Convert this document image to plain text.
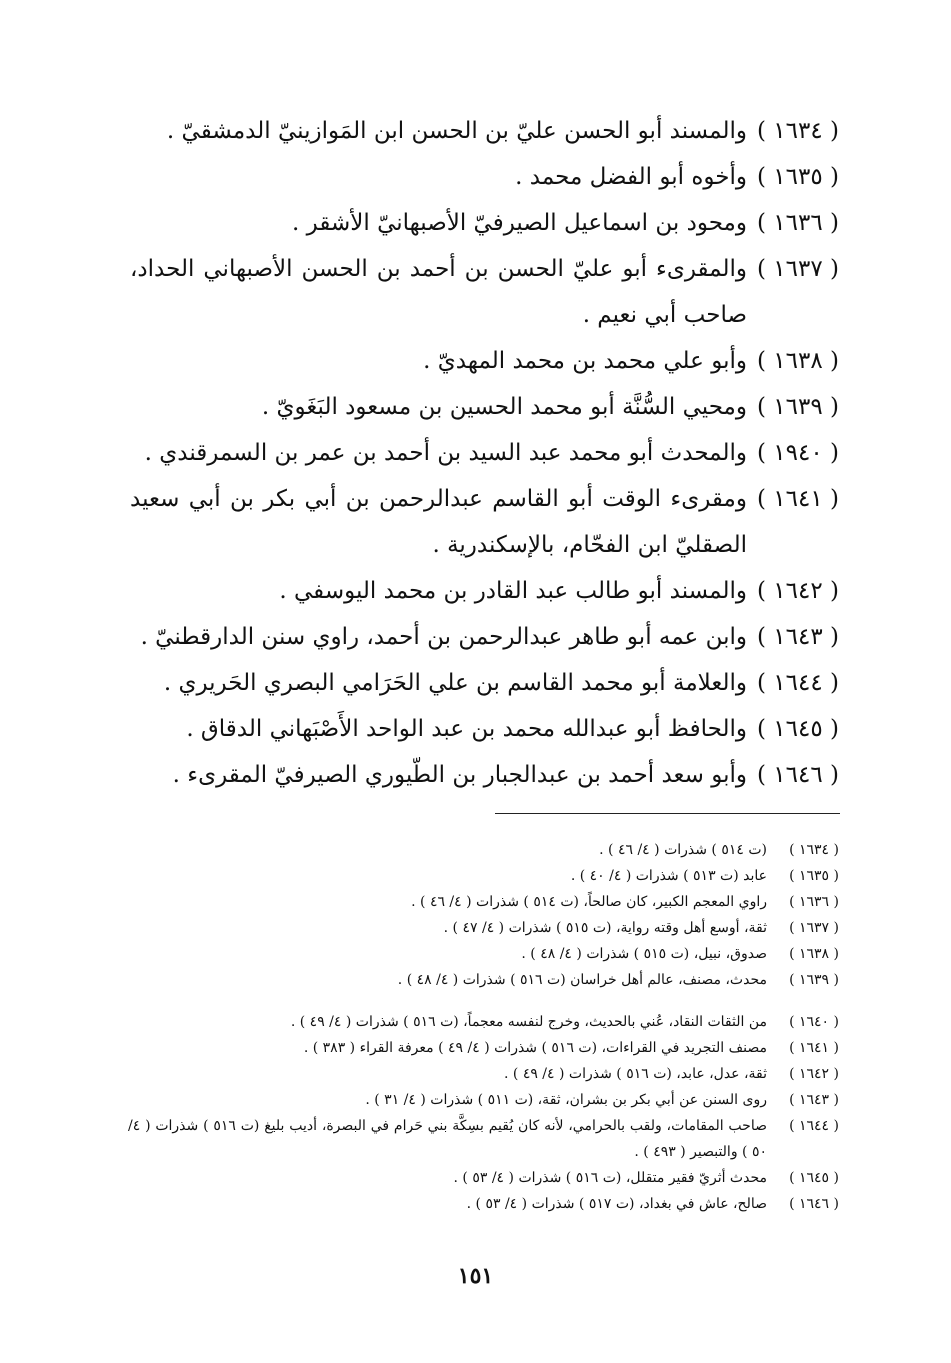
( ١٦٣٤ )
والمسند أبو الحسن عليّ بن الحسن ابن المَوازينيّ الدمشقيّ .
( ١٦٣٥ )
وأخوه أبو الفضل محمد .
( ١٦٣٦ )
ومحود بن اسماعيل الصيرفيّ الأصبهانيّ الأشقر .
( ١٦٣٧ )
والمقرىء أبو عليّ الحسن بن أحمد بن الحسن الأصبهاني الحداد، صاحب أبي نعيم .
( ١٦٣٨ )
وأبو علي محمد بن محمد المهديّ .
( ١٦٣٩ )
ومحيي السُّنَّة أبو محمد الحسين بن مسعود البَغَويّ .
( ١٩٤٠ )
والمحدث أبو محمد عبد السيد بن أحمد بن عمر بن السمرقندي .
( ١٦٤١ )
ومقرىء الوقت أبو القاسم عبدالرحمن بن أبي بكر بن أبي سعيد الصقليّ ابن الفحّام، بالإسكندرية .
( ١٦٤٢ )
والمسند أبو طالب عبد القادر بن محمد اليوسفي .
( ١٦٤٣ )
وابن عمه أبو طاهر عبدالرحمن بن أحمد، راوي سنن الدارقطنيّ .
( ١٦٤٤ )
والعلامة أبو محمد القاسم بن علي الحَرَامي البصري الحَريري .
( ١٦٤٥ )
والحافظ أبو عبدالله محمد بن عبد الواحد الأَصْبَهاني الدقاق .
( ١٦٤٦ )
وأبو سعد أحمد بن عبدالجبار بن الطّيوري الصيرفيّ المقرىء .
( ١٦٣٤ )
(ت ٥١٤ ) شذرات ( ٤/ ٤٦ ) .
( ١٦٣٥ )
عابد (ت ٥١٣ ) شذرات ( ٤/ ٤٠ ) .
( ١٦٣٦ )
راوي المعجم الكبير، كان صالحاً، (ت ٥١٤ ) شذرات ( ٤/ ٤٦ ) .
( ١٦٣٧ )
ثقة، أوسع أهل وقته رواية، (ت ٥١٥ ) شذرات ( ٤/ ٤٧ ) .
( ١٦٣٨ )
صدوق، نبيل، (ت ٥١٥ ) شذرات ( ٤/ ٤٨ ) .
( ١٦٣٩ )
محدث، مصنف، عالم أهل خراسان (ت ٥١٦ ) شذرات ( ٤/ ٤٨ ) .
( ١٦٤٠ )
من الثقات النقاد، عُني بالحديث، وخرج لنفسه معجماً، (ت ٥١٦ ) شذرات ( ٤/ ٤٩ ) .
( ١٦٤١ )
مصنف التجريد في القراءات، (ت ٥١٦ ) شذرات ( ٤/ ٤٩ ) معرفة القراء ( ٣٨٣ ) .
( ١٦٤٢ )
ثقة، عدل، عابد، (ت ٥١٦ ) شذرات ( ٤/ ٤٩ ) .
( ١٦٤٣ )
روى السنن عن أبي بكر بن بشران، ثقة، (ت ٥١١ ) شذرات ( ٤/ ٣١ ) .
( ١٦٤٤ )
صاحب المقامات، ولقب بالحرامي، لأنه كان يُقيم بسِكَّة بني حَرام في البصرة، أديب بليغ (ت ٥١٦ ) شذرات ( ٤/ ٥٠ ) والتبصير ( ٤٩٣ ) .
( ١٦٤٥ )
محدث أثريّ فقير متقلل، (ت ٥١٦ ) شذرات ( ٤/ ٥٣ ) .
( ١٦٤٦ )
صالح، عاش في بغداد، (ت ٥١٧ ) شذرات ( ٤/ ٥٣ ) .
١٥١
